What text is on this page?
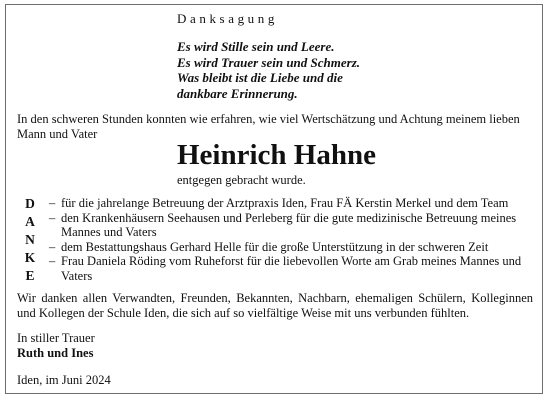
Danksagung
Es wird Stille sein und Leere.
Es wird Trauer sein und Schmerz.
Was bleibt ist die Liebe und die
dankbare Erinnerung.
In den schweren Stunden konnten wie erfahren, wie viel Wertschätzung und Achtung meinem lieben Mann und Vater
Heinrich Hahne
entgegen gebracht wurde.
D
A
N
K
E
– für die jahrelange Betreuung der Arztpraxis Iden, Frau FÄ Kerstin Merkel und dem Team
– den Krankenhäusern Seehausen und Perleberg für die gute medizinische Betreuung meines Mannes und Vaters
– dem Bestattungshaus Gerhard Helle für die große Unterstützung in der schweren Zeit
– Frau Daniela Röding vom Ruheforst für die liebevollen Worte am Grab meines Mannes und Vaters
Wir danken allen Verwandten, Freunden, Bekannten, Nachbarn, ehemaligen Schülern, Kolleginnen und Kollegen der Schule Iden, die sich auf so vielfältige Weise mit uns verbunden fühlten.
In stiller Trauer
Ruth und Ines
Iden, im Juni 2024
